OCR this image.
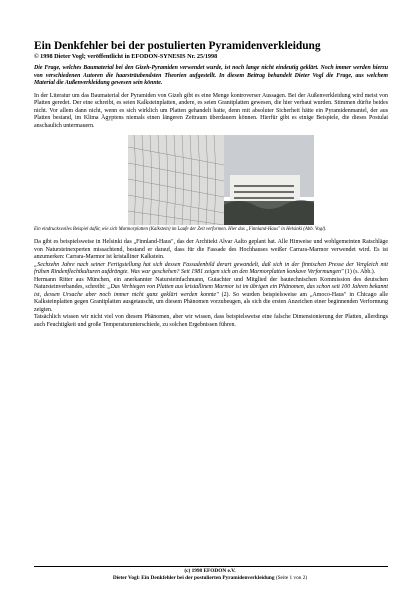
Ein Denkfehler bei der postulierten Pyramidenverkleidung

© 1998 Dieter Vogl; veröffentlicht in EFODON-SYNESIS Nr. 25/1998

Die Frage, welches Baumaterial bei den Gizeh-Pyramiden verwendet wurde, ist noch lange nicht eindeutig geklärt. Noch immer werden hierzu von verschiedenen Autoren die haarsträubendsten Theorien aufgestellt. In diesem Beitrag behandelt Dieter Vogl die Frage, aus welchem Material die Außenverkleidung gewesen sein könnte.

In der Literatur um das Baumaterial der Pyramiden von Gizeh gibt es eine Menge kontroverser Aussagen. Bei der Außenverkleidung wird meist von Platten geredet. Der eine schreibt, es seien Kalksteinplatten, andere, es seien Granitplatten gewesen, die hier verbaut wurden. Stimmen dürfte beides nicht. Vor allem dann nicht, wenn es sich wirklich um Platten gehandelt hatte, denn mit absoluter Sicherheit hätte ein Pyramidenmantel, der aus Platten bestand, im Klima Ägyptens niemals einen längeren Zeitraum überdauern können. Hierfür gibt es einige Beispiele, die dieses Postulat anschaulich untermauern.

Ein eindrucksvolles Beispiel dafür, wie sich Marmorplatten (Kalkstein) im Laufe der Zeit verformen. Hier das „Finnland-Haus" in Helsinki (Abb. Vogl).

Da gibt es beispielsweise in Helsinki das „Finnland-Haus", das der Architekt Alvar Aalto geplant hat. Alle Hinweise und wohlgemeinten Ratschläge von Natursteinexperten missachtend, bestand er darauf, dass für die Fassade des Hochhauses weißer Carrara-Marmor verwendet wird. Es ist anzumerken: Carrara-Marmor ist kristalliner Kalkstein.

„Sechzehn Jahre nach seiner Fertigstellung hat sich dessen Fassadenbild derart gewandelt, daß sich in der finnischen Presse der Vergleich mit frühen Rindenflechtkulturen aufdrängte. Was war geschehen? Seit 1981 zeigen sich an den Marmorplatten konkave Verformungen" (1) (s. Abb.).

Hermann Ritter aus München, ein anerkannter Natursteinfachmann, Gutachter und Mitglied der bautechnischen Kommission des deutschen Natursteinverbandes, schreibt: „Das Verbiegen von Platten aus kristallinem Marmor ist im übrigen ein Phänomen, das schon seit 100 Jahren bekannt ist, dessen Ursache aber noch immer nicht ganz geklärt werden konnte" (2). So wurden beispielsweise am „Amoco-Haus" in Chicago alle Kalksteinplatten gegen Granitplatten ausgetauscht, um diesem Phänomen vorzubeugen, als sich die ersten Anzeichen einer beginnenden Verformung zeigten.

Tatsächlich wissen wir nicht viel von diesem Phänomen, aber wir wissen, dass beispielsweise eine falsche Dimensionierung der Platten, allerdings auch Feuchtigkeit und große Temperaturunterschiede, zu solchen Ergebnissen führen.

(c) 1998 EFODON e.V.
Dieter Vogl: Ein Denkfehler bei der postulierten Pyramidenverkleidung (Seite 1 von 2)
